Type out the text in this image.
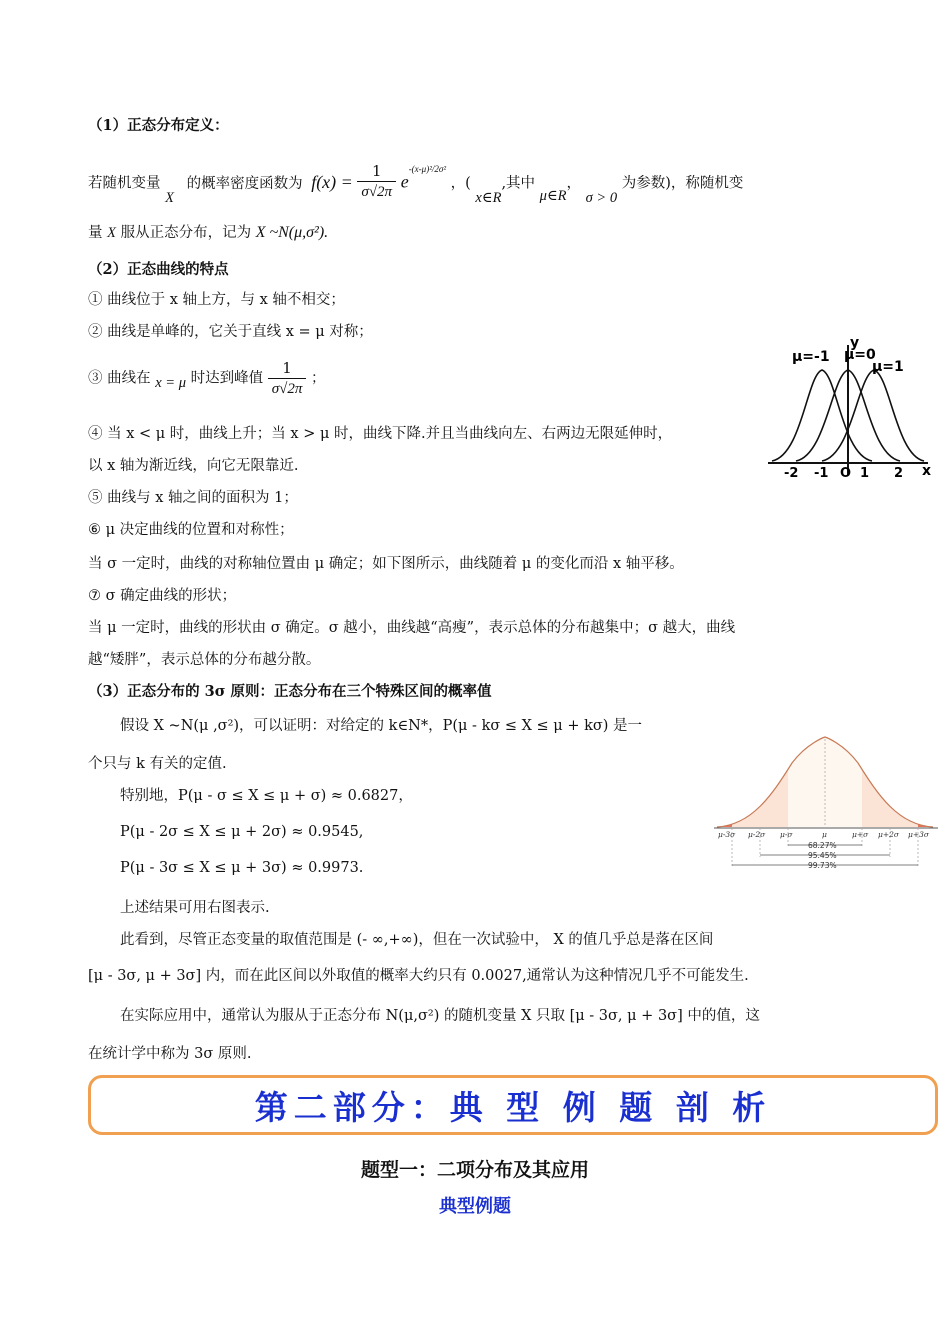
（1）正态分布定义：
若随机变量 X 的概率密度函数为 $f(x) = \frac{1}{\sigma√2\pi} e^{-(x-\mu)^2/2\sigma^2}$ ，( x∈R,其中 μ∈R， σ > 0 为参数)，称随机变
量 X 服从正态分布，记为 X ~N(μ,σ²).
（2）正态曲线的特点
① 曲线位于 x 轴上方，与 x 轴不相交；
② 曲线是单峰的，它关于直线 x = μ 对称；
③ 曲线在 x = μ 时达到峰值 $\frac{1}{\sigma√2\pi}$ ；
④ 当 x < μ 时，曲线上升；当 x > μ 时，曲线下降.并且当曲线向左、右两边无限延伸时，
以 x 轴为渐近线，向它无限靠近.
⑤ 曲线与 x 轴之间的面积为 1；
⑥ μ 决定曲线的位置和对称性；
当 σ 一定时，曲线的对称轴位置由 μ 确定；如下图所示，曲线随着 μ 的变化而沿 x 轴平移。
⑦ σ 确定曲线的形状；
当 μ 一定时，曲线的形状由 σ 确定。σ 越小，曲线越“高瘦”，表示总体的分布越集中；σ 越大，曲线
越“矮胖”，表示总体的分布越分散。
μ=-1 μ=0
μ=1
y
x
-2 -1 O 1 2
（3）正态分布的 3σ 原则：正态分布在三个特殊区间的概率值
假设 X ~N(μ ,σ²)，可以证明：对给定的 k∈N*，P(μ - kσ ≤ X ≤ μ + kσ) 是一
个只与 k 有关的定值.
特别地，P(μ - σ ≤ X ≤ μ + σ) ≈ 0.6827，
P(μ - 2σ ≤ X ≤ μ + 2σ) ≈ 0.9545,
P(μ - 3σ ≤ X ≤ μ + 3σ) ≈ 0.9973.
上述结果可用右图表示.
此看到，尽管正态变量的取值范围是 (- ∞,+∞)，但在一次试验中， X 的值几乎总是落在区间
[μ - 3σ, μ + 3σ] 内，而在此区间以外取值的概率大约只有 0.0027,通常认为这种情况几乎不可能发生.
在实际应用中，通常认为服从于正态分布 N(μ,σ²) 的随机变量 X 只取 [μ - 3σ, μ + 3σ] 中的值，这
在统计学中称为 3σ 原则.
μ-3σ μ-2σ μ-σ	μ	μ+σ μ+2σ μ+3σ
68.27%
95.45%
99.73%
第二部分：典 型 例 题 剖 析
题型一：二项分布及其应用
典型例题
